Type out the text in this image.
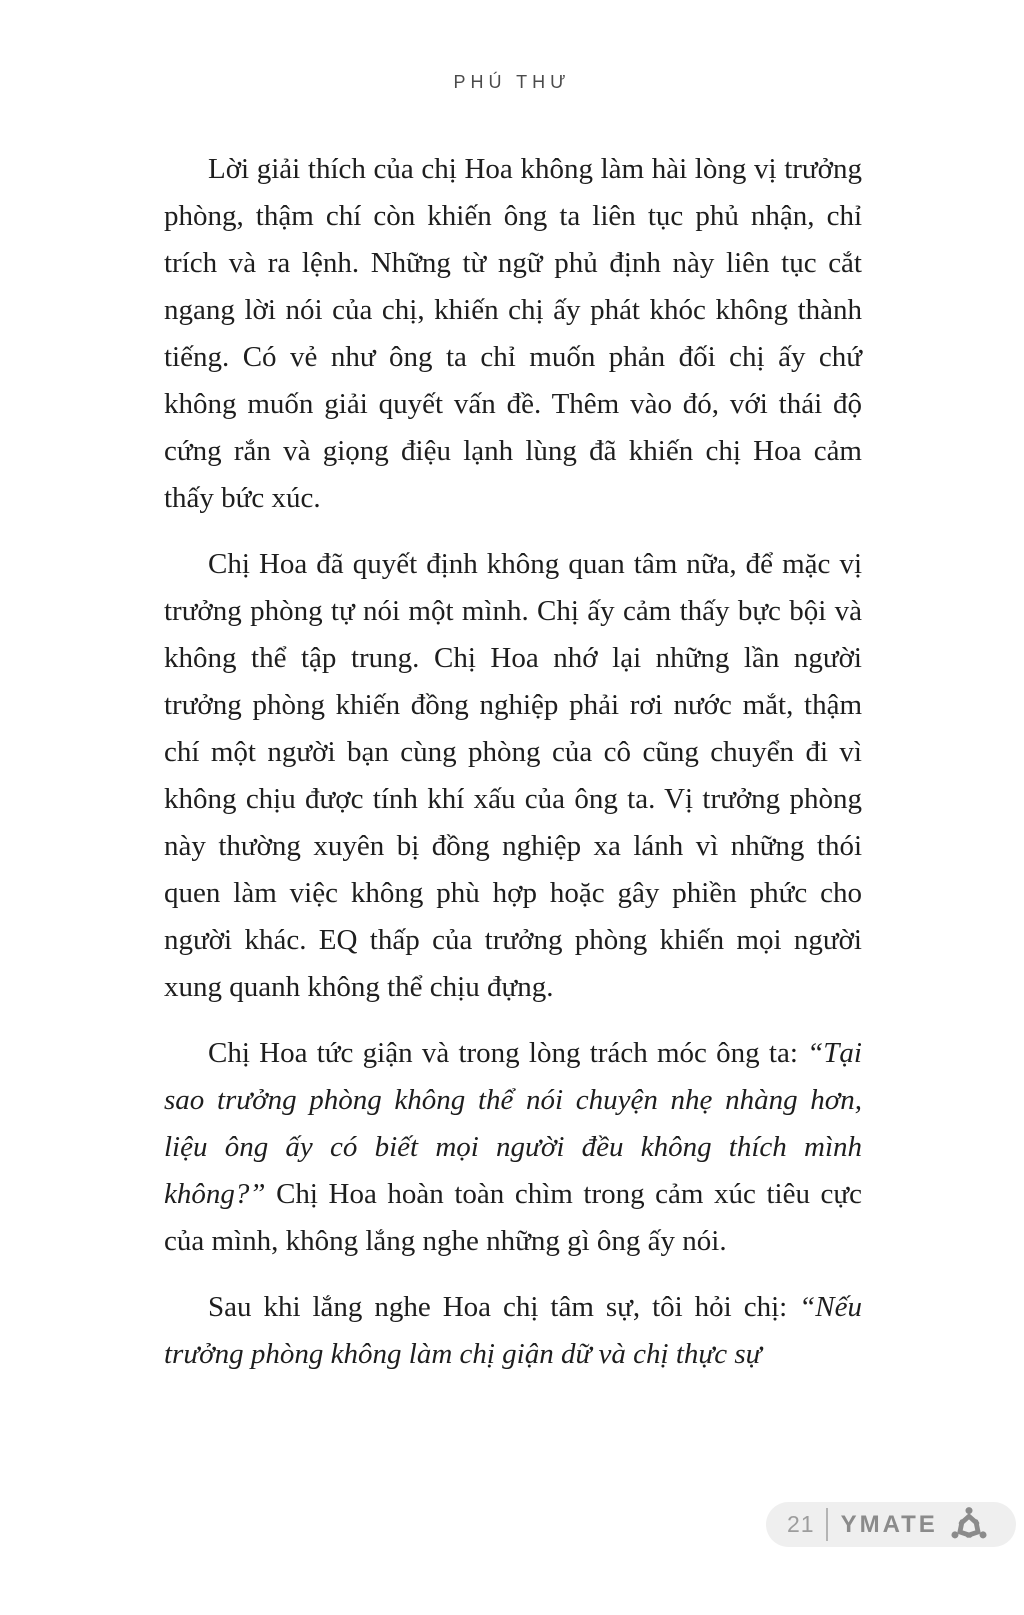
PHÚ THƯ

Lời giải thích của chị Hoa không làm hài lòng vị trưởng phòng, thậm chí còn khiến ông ta liên tục phủ nhận, chỉ trích và ra lệnh. Những từ ngữ phủ định này liên tục cắt ngang lời nói của chị, khiến chị ấy phát khóc không thành tiếng. Có vẻ như ông ta chỉ muốn phản đối chị ấy chứ không muốn giải quyết vấn đề. Thêm vào đó, với thái độ cứng rắn và giọng điệu lạnh lùng đã khiến chị Hoa cảm thấy bức xúc.

Chị Hoa đã quyết định không quan tâm nữa, để mặc vị trưởng phòng tự nói một mình. Chị ấy cảm thấy bực bội và không thể tập trung. Chị Hoa nhớ lại những lần người trưởng phòng khiến đồng nghiệp phải rơi nước mắt, thậm chí một người bạn cùng phòng của cô cũng chuyển đi vì không chịu được tính khí xấu của ông ta. Vị trưởng phòng này thường xuyên bị đồng nghiệp xa lánh vì những thói quen làm việc không phù hợp hoặc gây phiền phức cho người khác. EQ thấp của trưởng phòng khiến mọi người xung quanh không thể chịu đựng.

Chị Hoa tức giận và trong lòng trách móc ông ta: “Tại sao trưởng phòng không thể nói chuyện nhẹ nhàng hơn, liệu ông ấy có biết mọi người đều không thích mình không?” Chị Hoa hoàn toàn chìm trong cảm xúc tiêu cực của mình, không lắng nghe những gì ông ấy nói.

Sau khi lắng nghe Hoa chị tâm sự, tôi hỏi chị: “Nếu trưởng phòng không làm chị giận dữ và chị thực sự

21 YMATE
